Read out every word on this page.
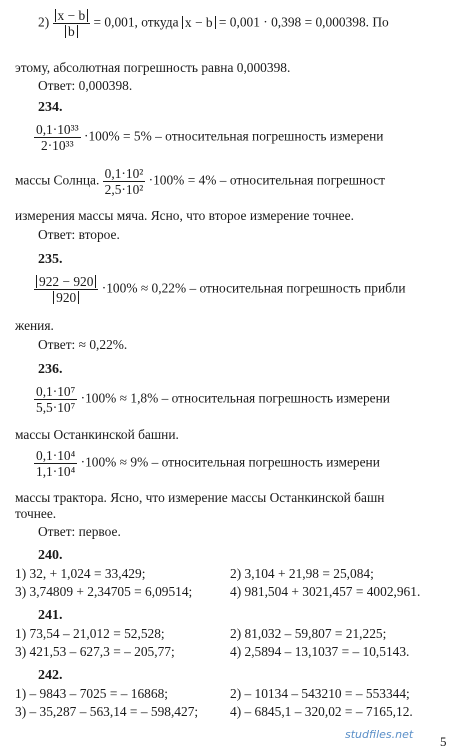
$2) \frac{x - b}{b} = 0,001$, откуда x − b = 0,001 · 0,398 = 0,000398. По
этому, абсолютная погрешность равна 0,000398.
Ответ: 0,000398.
234.
$\frac{\text{0,1·10³³}}{\text{2·10³³}} \cdot 100\% = 5\%$ – относительная погрешность измерени
массы Солнца. $\frac{\text{0,1·10²}}{\text{2,5·10²}} \cdot 100\% = 4\%$ – относительная погрешност
измерения массы мяча. Ясно, что второе измерение точнее.
Ответ: второе.
235.
$\frac{922 - 920}{920} \cdot 100\% \approx 0,22\%$ – относительная погрешность прибли
жения.
Ответ: ≈ 0,22%.
236.
$\frac{\text{0,1·10⁷}}{\text{5,5·10⁷}} \cdot 100\% \approx 1,8\%$ – относительная погрешность измерени
массы Останкинской башни.
$\frac{\text{0,1·10⁴}}{\text{1,1·10⁴}} \cdot 100\% \approx 9\%$ – относительная погрешность измерени
массы трактора. Ясно, что измерение массы Останкинской башн
точнее.
Ответ: первое.
240.
1) 32, + 1,024 = 33,429;	2) 3,104 + 21,98 = 25,084;
3) 3,74809 + 2,34705 = 6,09514;	4) 981,504 + 3021,457 = 4002,961.
241.
1) 73,54 – 21,012 = 52,528;	2) 81,032 – 59,807 = 21,225;
3) 421,53 – 627,3 = – 205,77;	4) 2,5894 – 13,1037 = – 10,5143.
242.
1) – 9843 – 7025 = – 16868;	2) – 10134 – 543210 = – 553344;
3) – 35,287 – 563,14 = – 598,427; 4) – 6845,1 – 320,02 = – 7165,12.
studfiles.net 5
